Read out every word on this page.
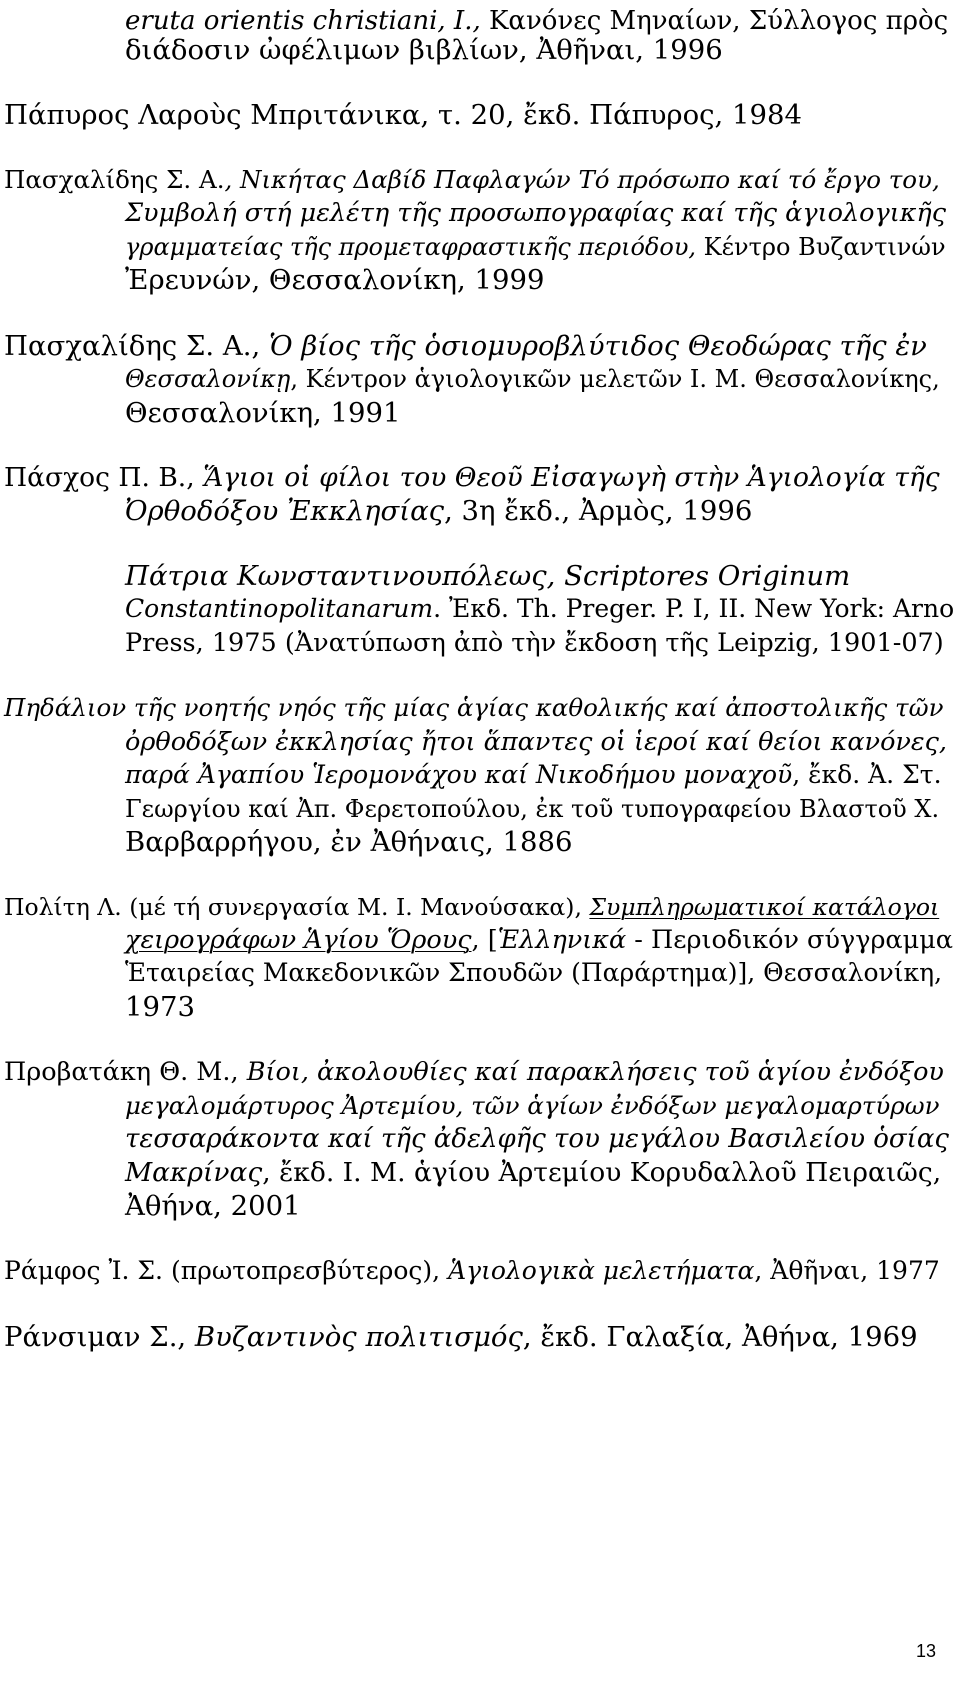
eruta orientis christiani, I., Κανόνες Μηναίων, Σύλλογος πρὸς
διάδοσιν ὠφέλιμων βιβλίων, Ἀθῆναι, 1996
Πάπυρος Λαροὺς Μπριτάνικα, τ. 20, ἔκδ. Πάπυρος, 1984
Πασχαλίδης Σ. Α., Νικήτας Δαβίδ Παφλαγών Τό πρόσωπο καί τό ἔργο του,
Συμβολή στή μελέτη τῆς προσωπογραφίας καί τῆς ἁγιολογικῆς
γραμματείας τῆς προμεταφραστικῆς περιόδου, Κέντρο Βυζαντινών
Ἐρευνών, Θεσσαλονίκη, 1999
Πασχαλίδης Σ. Α., Ὁ βίος τῆς ὁσιομυροβλύτιδος Θεοδώρας τῆς ἐν
Θεσσαλονίκῃ, Κέντρον ἁγιολογικῶν μελετῶν Ι. Μ. Θεσσαλονίκης,
Θεσσαλονίκη, 1991
Πάσχος Π. Β., Ἅγιοι οἱ φίλοι του Θεοῦ Εἰσαγωγὴ στὴν Ἁγιολογία τῆς
Ὀρθοδόξου Ἐκκλησίας, 3η ἔκδ., Ἀρμὸς, 1996
Πάτρια Κωνσταντινουπόλεως, Scriptores Originum
Constantinopolitanarum. Ἐκδ. Th. Preger. P. I, II. New York: Arno
Press, 1975 (Ἀνατύπωση ἀπὸ τὴν ἔκδοση τῆς Leipzig, 1901-07)
Πηδάλιον τῆς νοητής νηός τῆς μίας ἁγίας καθολικής καί ἀποστολικῆς τῶν
ὀρθοδόξων ἐκκλησίας ἤτοι ἅπαντες οἱ ἱεροί καί θείοι κανόνες,
παρά Ἀγαπίου Ἱερομονάχου καί Νικοδήμου μοναχοῦ, ἔκδ. Ἀ. Στ.
Γεωργίου καί Ἀπ. Φερετοπούλου, ἐκ τοῦ τυπογραφείου Βλαστοῦ Χ.
Βαρβαρρήγου, ἐν Ἀθήναις, 1886
Πολίτη Λ. (μέ τή συνεργασία Μ. Ι. Μανούσακα), Συμπληρωματικοί κατάλογοι
χειρογράφων Ἁγίου Ὅρους, [Ἑλληνικά - Περιοδικόν σύγγραμμα
Ἑταιρείας Μακεδονικῶν Σπουδῶν (Παράρτημα)], Θεσσαλονίκη,
1973
Προβατάκη Θ. Μ., Βίοι, ἀκολουθίες καί παρακλήσεις τοῦ ἁγίου ἐνδόξου
μεγαλομάρτυρος Ἀρτεμίου, τῶν ἁγίων ἐνδόξων μεγαλομαρτύρων
τεσσαράκοντα καί τῆς ἀδελφῆς του μεγάλου Βασιλείου ὁσίας
Μακρίνας, ἔκδ. Ι. Μ. ἁγίου Ἀρτεμίου Κορυδαλλοῦ Πειραιῶς,
Ἀθήνα, 2001
Ράμφος Ἰ. Σ. (πρωτοπρεσβύτερος), Ἁγιολογικὰ μελετήματα, Ἀθῆναι, 1977
Ράνσιμαν Σ., Βυζαντινὸς πολιτισμός, ἔκδ. Γαλαξία, Ἀθήνα, 1969
13
